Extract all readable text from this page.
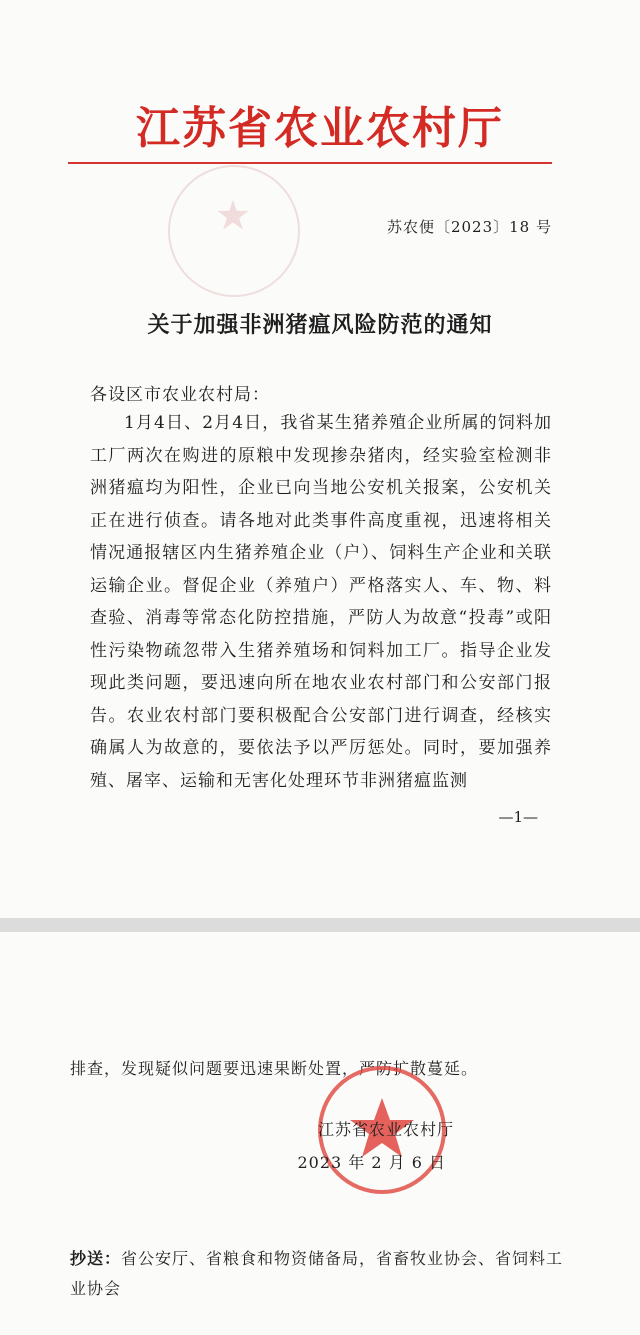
江苏省农业农村厅
苏农便〔2023〕18 号
关于加强非洲猪瘟风险防范的通知
各设区市农业农村局：

1月4日、2月4日，我省某生猪养殖企业所属的饲料加工厂两次在购进的原粮中发现掺杂猪肉，经实验室检测非洲猪瘟均为阳性，企业已向当地公安机关报案，公安机关正在进行侦查。请各地对此类事件高度重视，迅速将相关情况通报辖区内生猪养殖企业（户）、饲料生产企业和关联运输企业。督促企业（养殖户）严格落实人、车、物、料查验、消毒等常态化防控措施，严防人为故意“投毒”或阳性污染物疏忽带入生猪养殖场和饲料加工厂。指导企业发现此类问题，要迅速向所在地农业农村部门和公安部门报告。农业农村部门要积极配合公安部门进行调查，经核实确属人为故意的，要依法予以严厉惩处。同时，要加强养殖、屠宰、运输和无害化处理环节非洲猪瘟监测

—1—
排查，发现疑似问题要迅速果断处置，严防扩散蔓延。
江苏省农业农村厅
2023 年 2 月 6 日
抄送：省公安厅、省粮食和物资储备局，省畜牧业协会、省饲料工业协会
